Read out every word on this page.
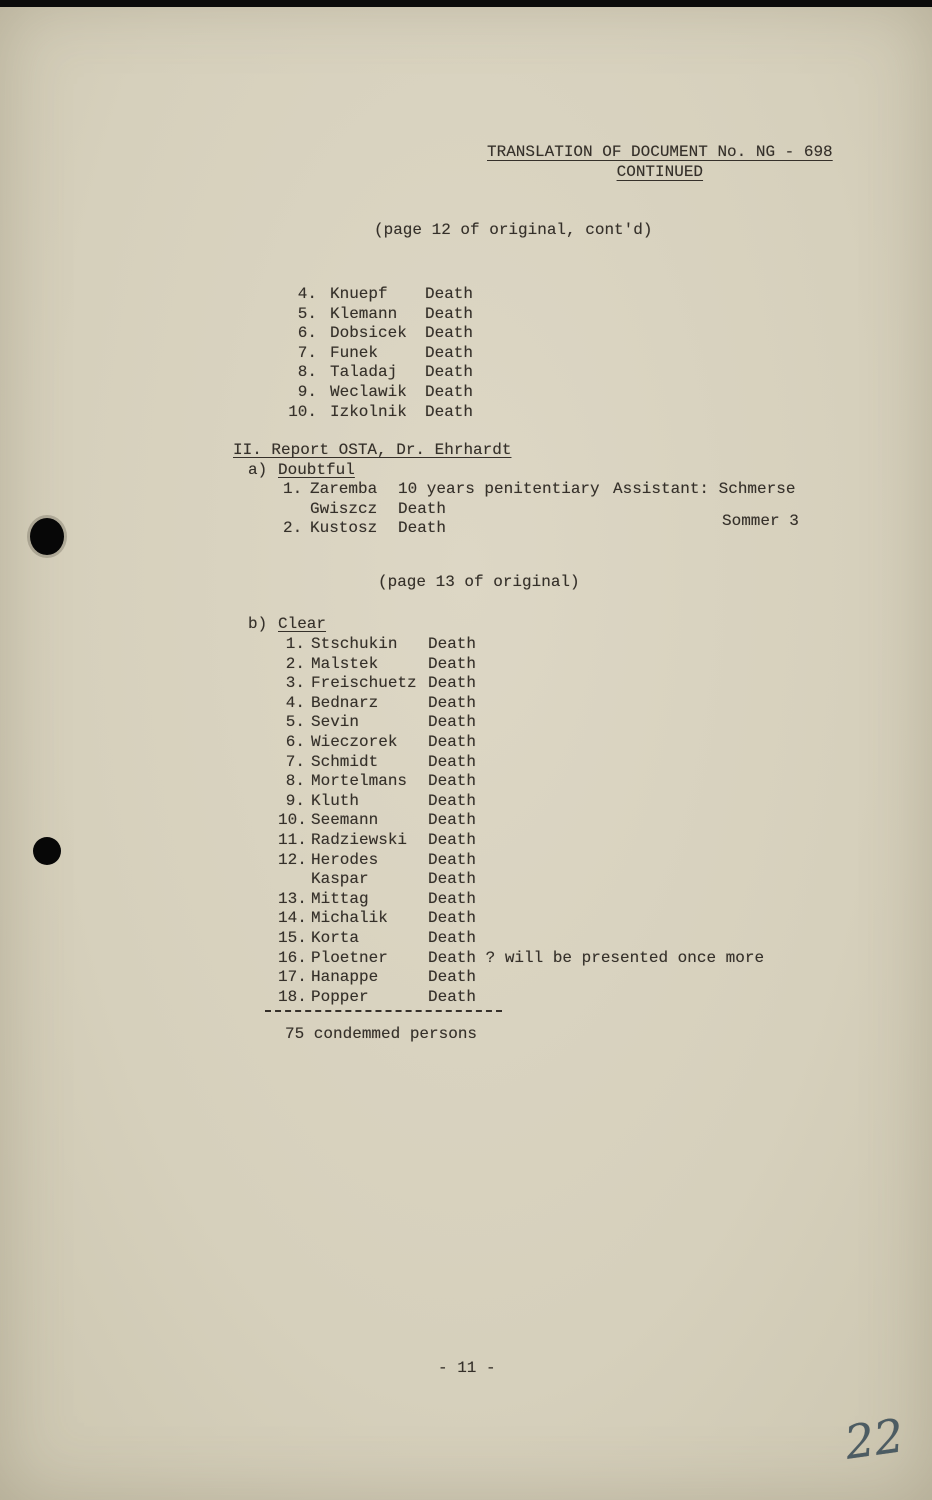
TRANSLATION OF DOCUMENT No. NG - 698
CONTINUED
(page 12 of original, cont'd)
4. Knuepf Death
5. Klemann Death
6. Dobsicek Death
7. Funek	Death
8. Taladaj Death
9. Weclawik Death
10. Izkolnik Death
II. Report OSTA, Dr. Ehrhardt
a) Doubtful
1. Zaremba 10 years penitentiary Assistant: Schmerse
Gwiszcz Death
2. Kustosz Death	Sommer 3
(page 13 of original)
b) Clear
1. Stschukin Death
2. Malstek	Death
3. Freischuetz Death
4. Bednarz	Death
5. Sevin	Death
6. Wieczorek Death
7. Schmidt	Death
8. Mortelmans Death
9. Kluth	Death
10. Seemann	Death
11. Radziewski Death
12. Herodes	Death
Kaspar	Death
13. Mittag	Death
14. Michalik	Death
15. Korta	Death
16. Ploetner	Death ? will be presented once more
17. Hanappe	Death
18. Popper	Death
75 condemmed persons
- 11 -
22
